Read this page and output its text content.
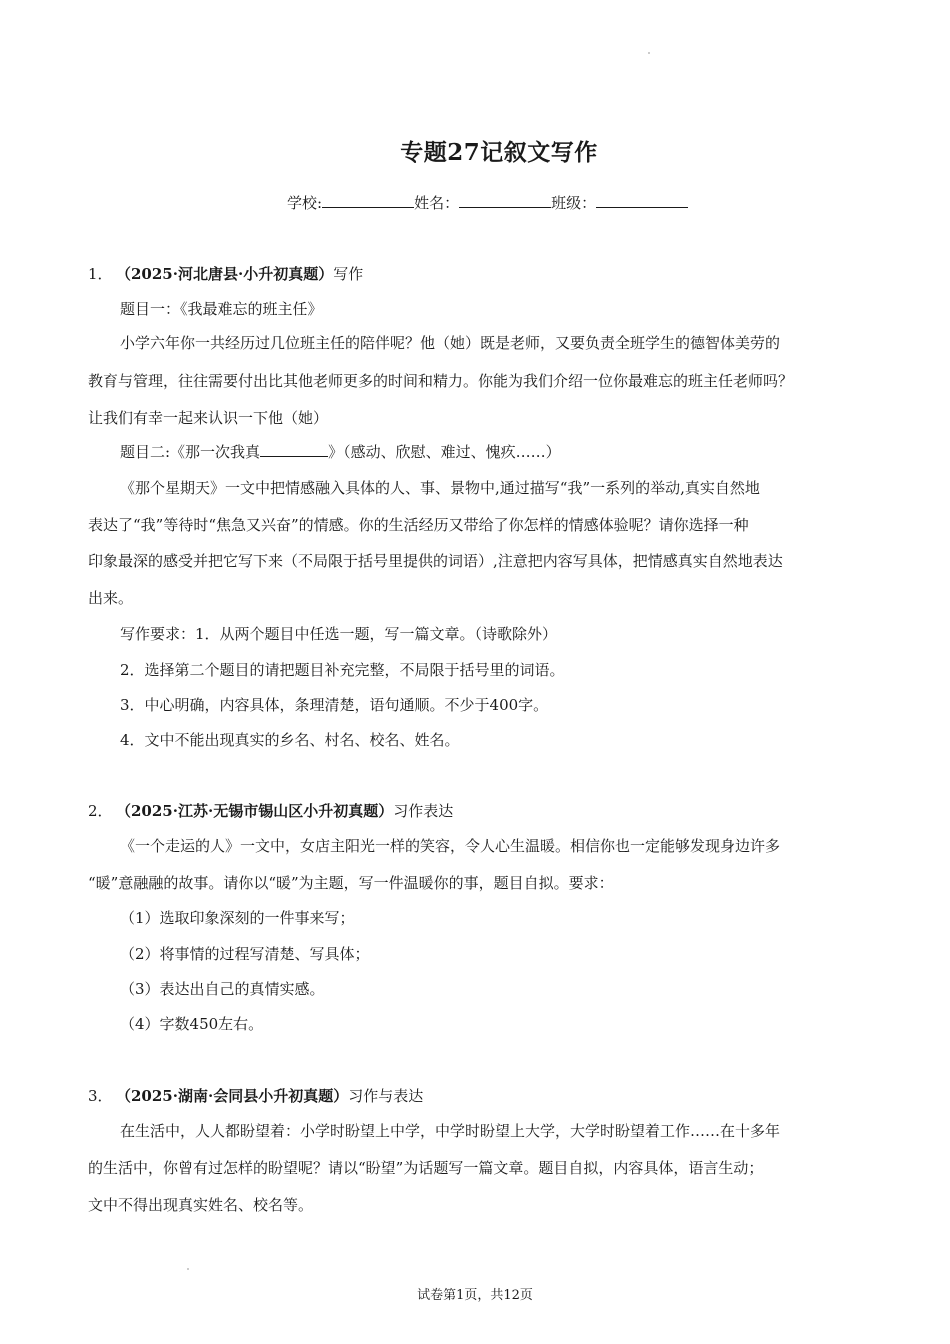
专题27记叙文写作
学校:	姓名：	班级：
1． （2025·河北唐县·小升初真题）写作
题目一：《我最难忘的班主任》
小学六年你一共经历过几位班主任的陪伴呢？他（她）既是老师，又要负责全班学生的德智体美劳的
教育与管理，往往需要付出比其他老师更多的时间和精力。你能为我们介绍一位你最难忘的班主任老师吗？
让我们有幸一起来认识一下他（她）
题目二:《那一次我真	》（感动、欣慰、难过、愧疚……）
《那个星期天》一文中把情感融入具体的人、事、景物中,通过描写“我”一系列的举动,真实自然地
表达了“我”等待时“焦急又兴奋”的情感。你的生活经历又带给了你怎样的情感体验呢？请你选择一种
印象最深的感受并把它写下来（不局限于括号里提供的词语）,注意把内容写具体，把情感真实自然地表达
出来。
写作要求：1．从两个题目中任选一题，写一篇文章。（诗歌除外）
2．选择第二个题目的请把题目补充完整，不局限于括号里的词语。
3．中心明确，内容具体，条理清楚，语句通顺。不少于400字。
4．文中不能出现真实的乡名、村名、校名、姓名。
2． （2025·江苏·无锡市锡山区小升初真题）习作表达
《一个走运的人》一文中，女店主阳光一样的笑容，令人心生温暖。相信你也一定能够发现身边许多
“暖”意融融的故事。请你以“暖”为主题，写一件温暖你的事，题目自拟。要求：
（1）选取印象深刻的一件事来写；
（2）将事情的过程写清楚、写具体；
（3）表达出自己的真情实感。
（4）字数450左右。
3． （2025·湖南·会同县小升初真题）习作与表达
在生活中，人人都盼望着：小学时盼望上中学，中学时盼望上大学，大学时盼望着工作……在十多年
的生活中，你曾有过怎样的盼望呢？请以“盼望”为话题写一篇文章。题目自拟，内容具体，语言生动；
文中不得出现真实姓名、校名等。
试卷第1页，共12页
